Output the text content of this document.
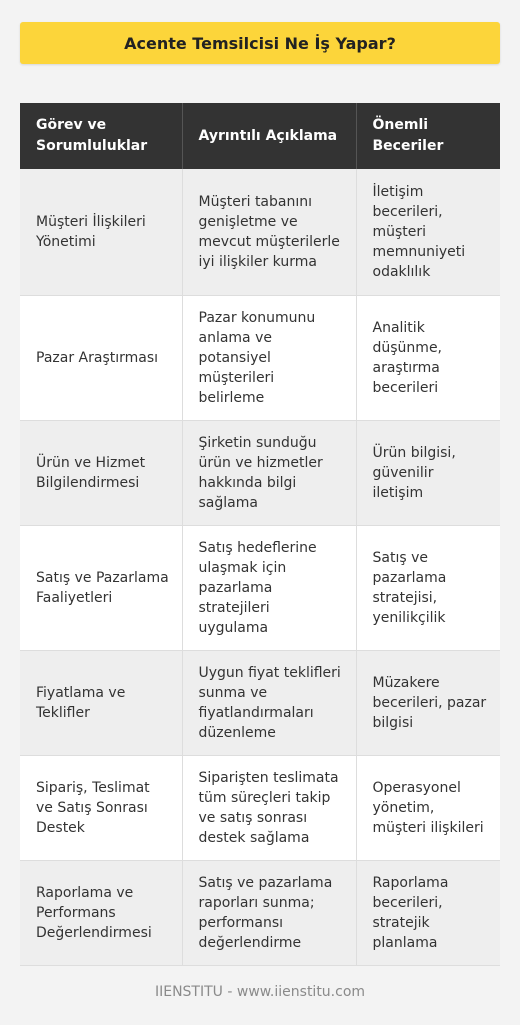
Acente Temsilcisi Ne İş Yapar?
Görev ve Sorumluluklar	Ayrıntılı Açıklama	Önemli Beceriler
Müşteri İlişkileri Yönetimi	Müşteri tabanını genişletme ve mevcut müşterilerle iyi ilişkiler kurma	İletişim becerileri, müşteri memnuniyeti odaklılık
Pazar Araştırması	Pazar konumunu anlama ve potansiyel müşterileri belirleme	Analitik düşünme, araştırma becerileri
Ürün ve Hizmet Bilgilendirmesi	Şirketin sunduğu ürün ve hizmetler hakkında bilgi sağlama	Ürün bilgisi, güvenilir iletişim
Satış ve Pazarlama Faaliyetleri	Satış hedeflerine ulaşmak için pazarlama stratejileri uygulama	Satış ve pazarlama stratejisi, yenilikçilik
Fiyatlama ve Teklifler	Uygun fiyat teklifleri sunma ve fiyatlandırmaları düzenleme	Müzakere becerileri, pazar bilgisi
Sipariş, Teslimat ve Satış Sonrası Destek	Siparişten teslimata tüm süreçleri takip ve satış sonrası destek sağlama	Operasyonel yönetim, müşteri ilişkileri
Raporlama ve Performans Değerlendirmesi	Satış ve pazarlama raporları sunma; performansı değerlendirme	Raporlama becerileri, stratejik planlama
IIENSTITU - www.iienstitu.com
